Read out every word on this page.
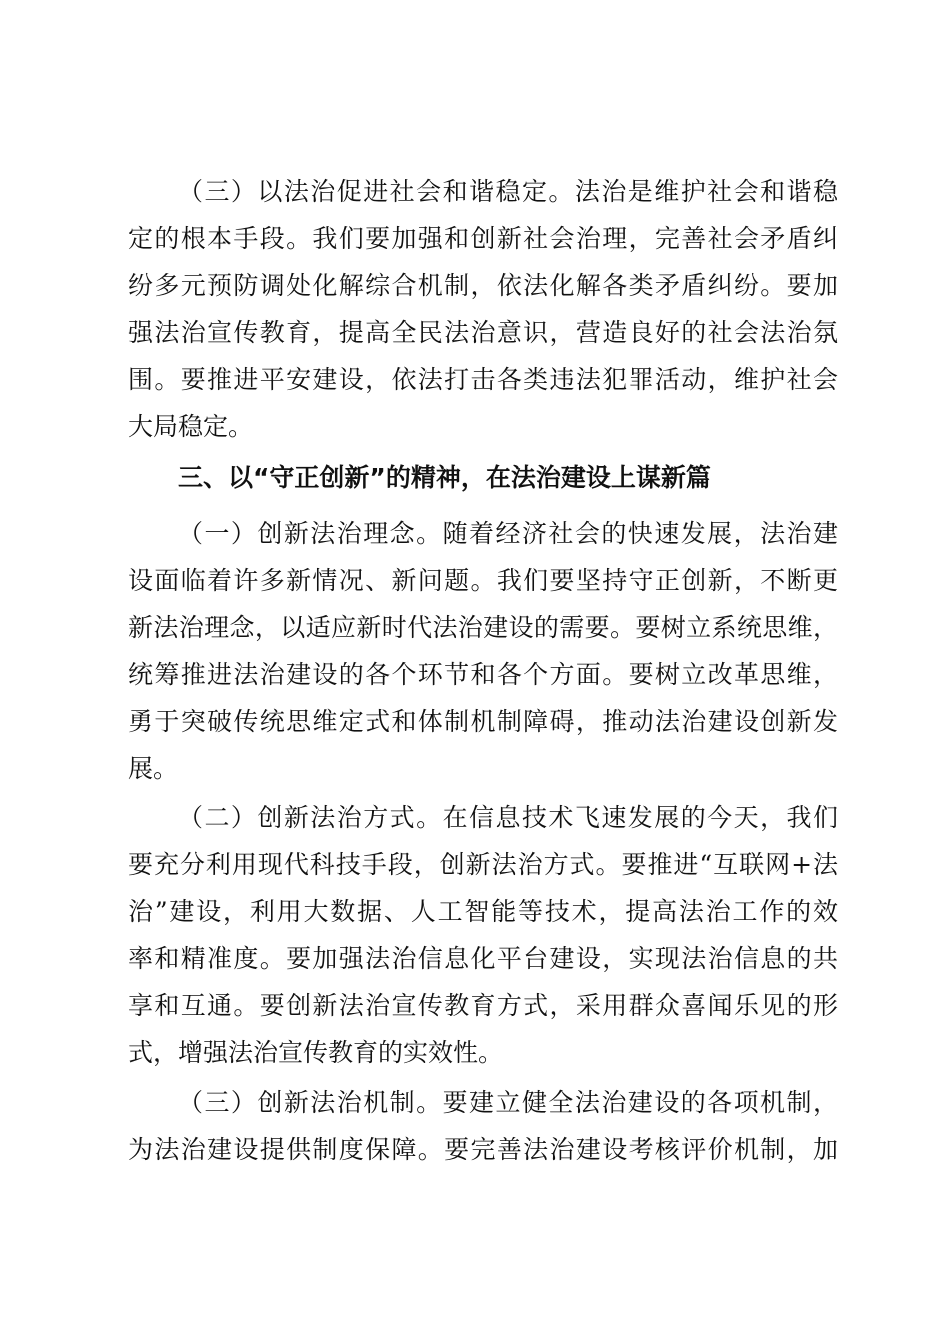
（三）以法治促进社会和谐稳定。法治是维护社会和谐稳
定的根本手段。我们要加强和创新社会治理，完善社会矛盾纠
纷多元预防调处化解综合机制，依法化解各类矛盾纠纷。要加
强法治宣传教育，提高全民法治意识，营造良好的社会法治氛
围。要推进平安建设，依法打击各类违法犯罪活动，维护社会
大局稳定。
三、以“守正创新”的精神，在法治建设上谋新篇
（一）创新法治理念。随着经济社会的快速发展，法治建
设面临着许多新情况、新问题。我们要坚持守正创新，不断更
新法治理念，以适应新时代法治建设的需要。要树立系统思维，
统筹推进法治建设的各个环节和各个方面。要树立改革思维，
勇于突破传统思维定式和体制机制障碍，推动法治建设创新发
展。
（二）创新法治方式。在信息技术飞速发展的今天，我们
要充分利用现代科技手段，创新法治方式。要推进“互联网+法
治”建设，利用大数据、人工智能等技术，提高法治工作的效
率和精准度。要加强法治信息化平台建设，实现法治信息的共
享和互通。要创新法治宣传教育方式，采用群众喜闻乐见的形
式，增强法治宣传教育的实效性。
（三）创新法治机制。要建立健全法治建设的各项机制，
为法治建设提供制度保障。要完善法治建设考核评价机制，加
